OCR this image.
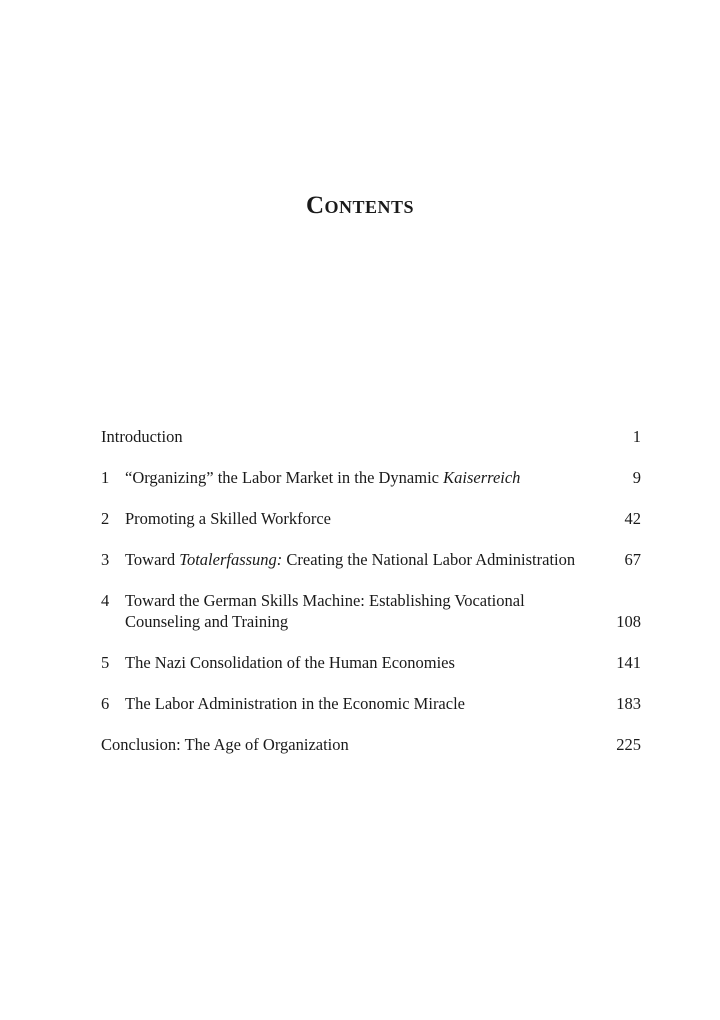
Contents
Introduction	1
1 “Organizing” the Labor Market in the Dynamic Kaiserreich	9
2 Promoting a Skilled Workforce	42
3 Toward Totalerfassung: Creating the National Labor Administration	67
4 Toward the German Skills Machine: Establishing Vocational
Counseling and Training	108
5 The Nazi Consolidation of the Human Economies	141
6 The Labor Administration in the Economic Miracle	183
Conclusion: The Age of Organization	225
